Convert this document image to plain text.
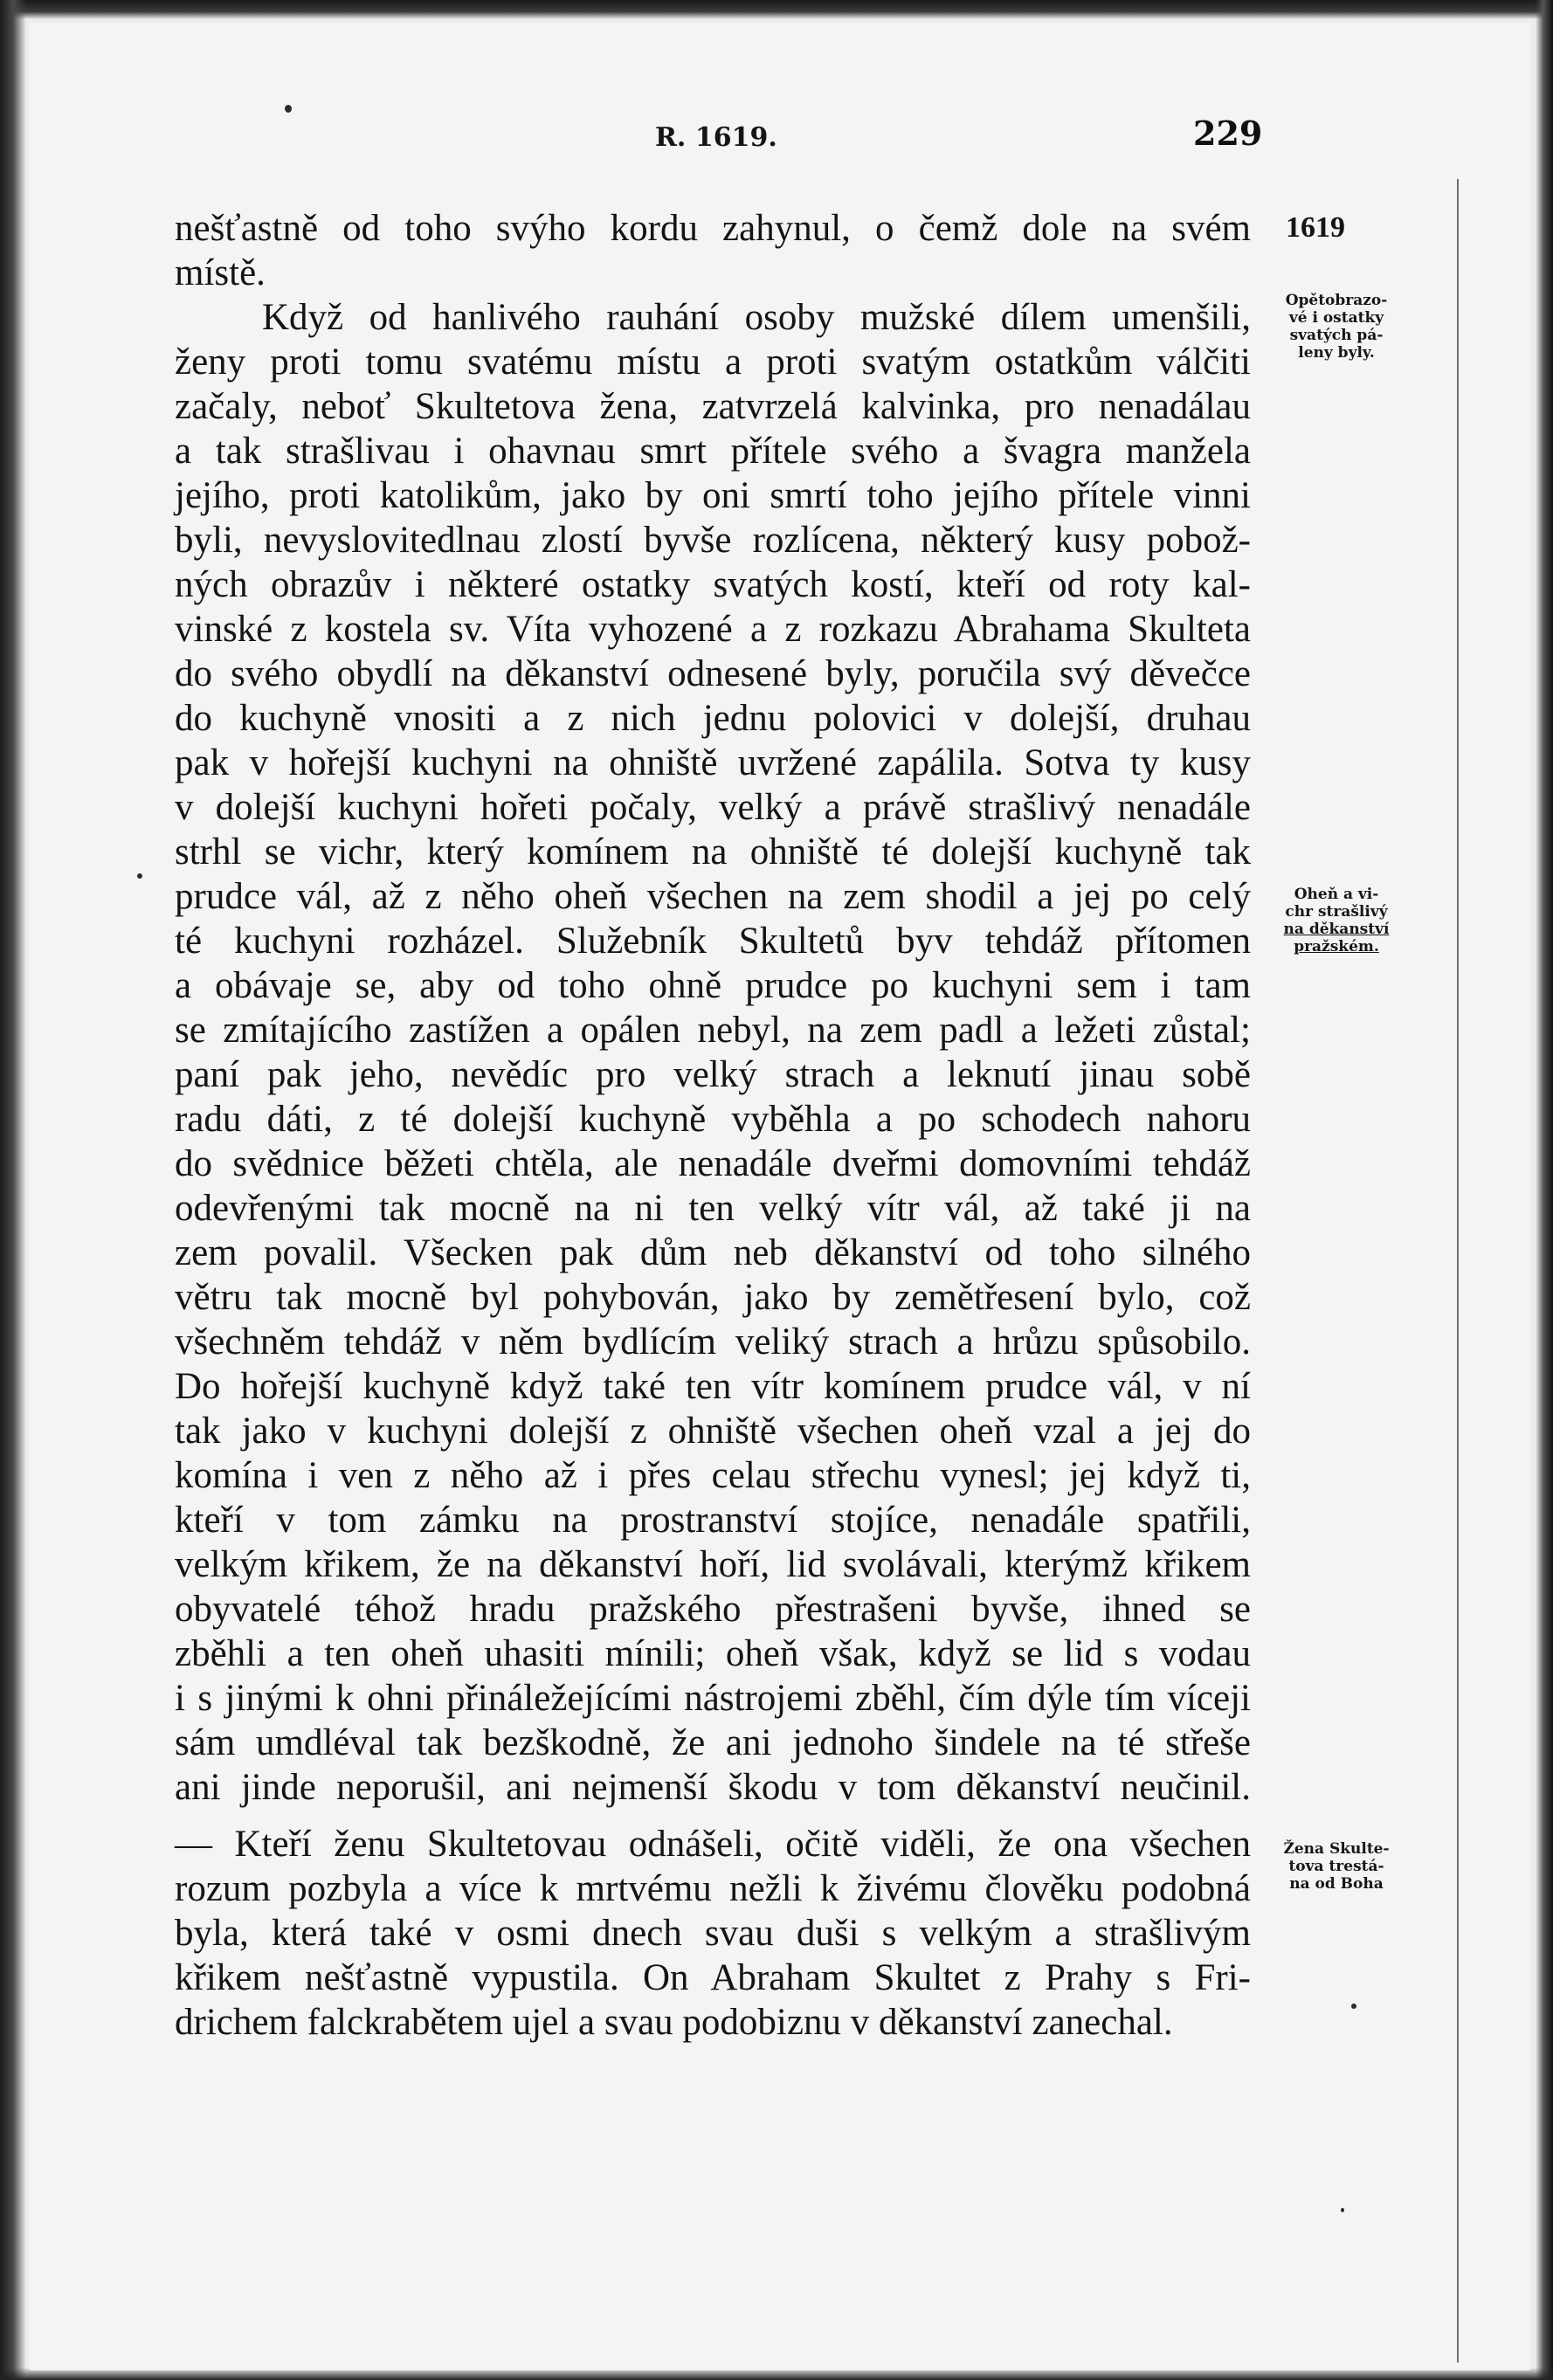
R. 1619.	229
1619
Opětobrazo-
vé i ostatky
svatých pá-
leny byly.
Oheň a vi-
chr strašlivý
na děkanství
pražském.
Žena Skulte-
tova trestá-
na od Boha
nešťastně od toho svýho kordu zahynul, o čemž dole na svém
místě.
Když od hanlivého rauhání osoby mužské dílem umenšili,
ženy proti tomu svatému místu a proti svatým ostatkům válčiti
začaly, neboť Skultetova žena, zatvrzelá kalvinka, pro nenadálau
a tak strašlivau i ohavnau smrt přítele svého a švagra manžela
jejího, proti katolikům, jako by oni smrtí toho jejího přítele vinni
byli, nevyslovitedlnau zlostí byvše rozlícena, některý kusy pobož-
ných obrazův i některé ostatky svatých kostí, kteří od roty kal-
vinské z kostela sv. Víta vyhozené a z rozkazu Abrahama Skulteta
do svého obydlí na děkanství odnesené byly, poručila svý děvečce
do kuchyně vnositi a z nich jednu polovici v dolejší, druhau
pak v hořejší kuchyni na ohniště uvržené zapálila. Sotva ty kusy
v dolejší kuchyni hořeti počaly, velký a právě strašlivý nenadále
strhl se vichr, který komínem na ohniště té dolejší kuchyně tak
prudce vál, až z něho oheň všechen na zem shodil a jej po celý
té kuchyni rozházel. Služebník Skultetů byv tehdáž přítomen
a obávaje se, aby od toho ohně prudce po kuchyni sem i tam
se zmítajícího zastížen a opálen nebyl, na zem padl a ležeti zůstal;
paní pak jeho, nevědíc pro velký strach a leknutí jinau sobě
radu dáti, z té dolejší kuchyně vyběhla a po schodech nahoru
do svědnice běžeti chtěla, ale nenadále dveřmi domovními tehdáž
odevřenými tak mocně na ni ten velký vítr vál, až také ji na
zem povalil. Všecken pak dům neb děkanství od toho silného
větru tak mocně byl pohybován, jako by zemětřesení bylo, což
všechněm tehdáž v něm bydlícím veliký strach a hrůzu spůsobilo.
Do hořejší kuchyně když také ten vítr komínem prudce vál, v ní
tak jako v kuchyni dolejší z ohniště všechen oheň vzal a jej do
komína i ven z něho až i přes celau střechu vynesl; jej když ti,
kteří v tom zámku na prostranství stojíce, nenadále spatřili,
velkým křikem, že na děkanství hoří, lid svolávali, kterýmž křikem
obyvatelé téhož hradu pražského přestrašeni byvše, ihned se
zběhli a ten oheň uhasiti mínili; oheň však, když se lid s vodau
i s jinými k ohni přináležejícími nástrojemi zběhl, čím dýle tím víceji
sám umdléval tak bezškodně, že ani jednoho šindele na té střeše
ani jinde neporušil, ani nejmenší škodu v tom děkanství neučinil.
— Kteří ženu Skultetovau odnášeli, očitě viděli, že ona všechen
rozum pozbyla a více k mrtvému nežli k živému člověku podobná
byla, která také v osmi dnech svau duši s velkým a strašlivým
křikem nešťastně vypustila. On Abraham Skultet z Prahy s Fri-
drichem falckrabětem ujel a svau podobiznu v děkanství zanechal.
